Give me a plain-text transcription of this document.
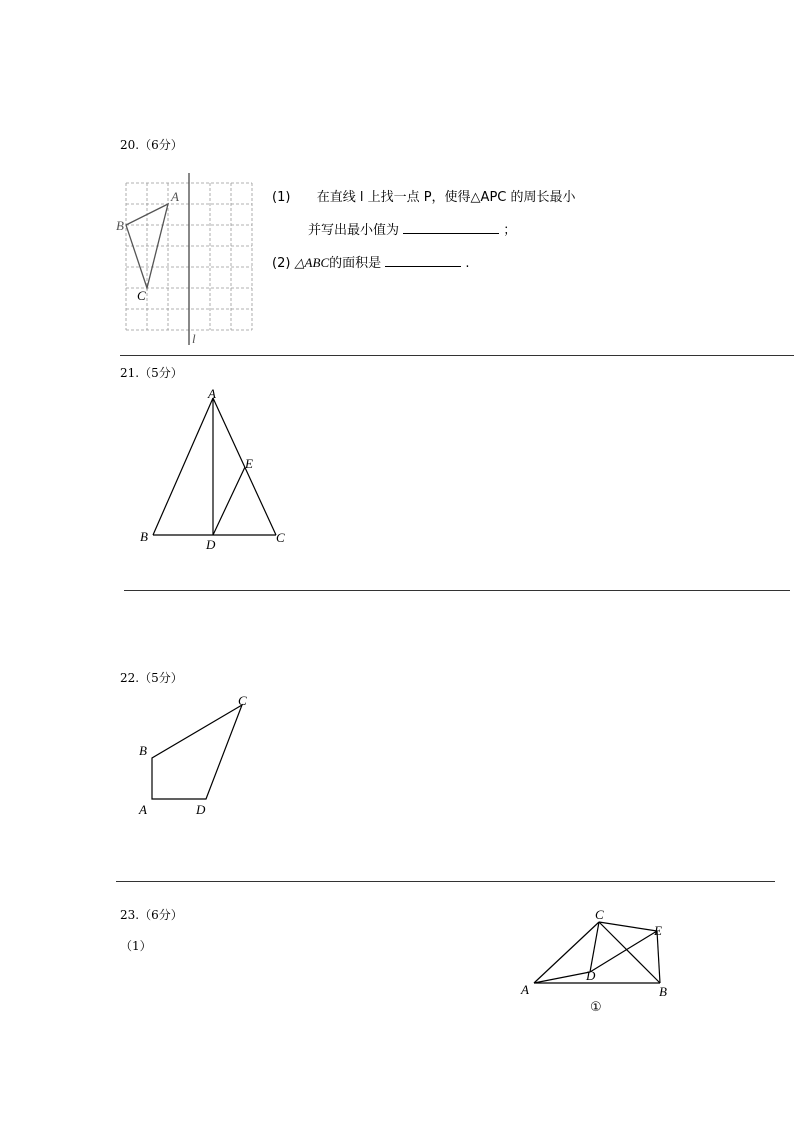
20.（6分）
A
B
C
l
(1) 在直线 l 上找一点 P，使得△APC 的周长最小
并写出最小值为	；
(2) △ABC的面积是	.
21.（5分）
A
B	C
D
E
22.（5分）
A
B
C
D
23.（6分）
（1）
C
E
D
A	B
①
